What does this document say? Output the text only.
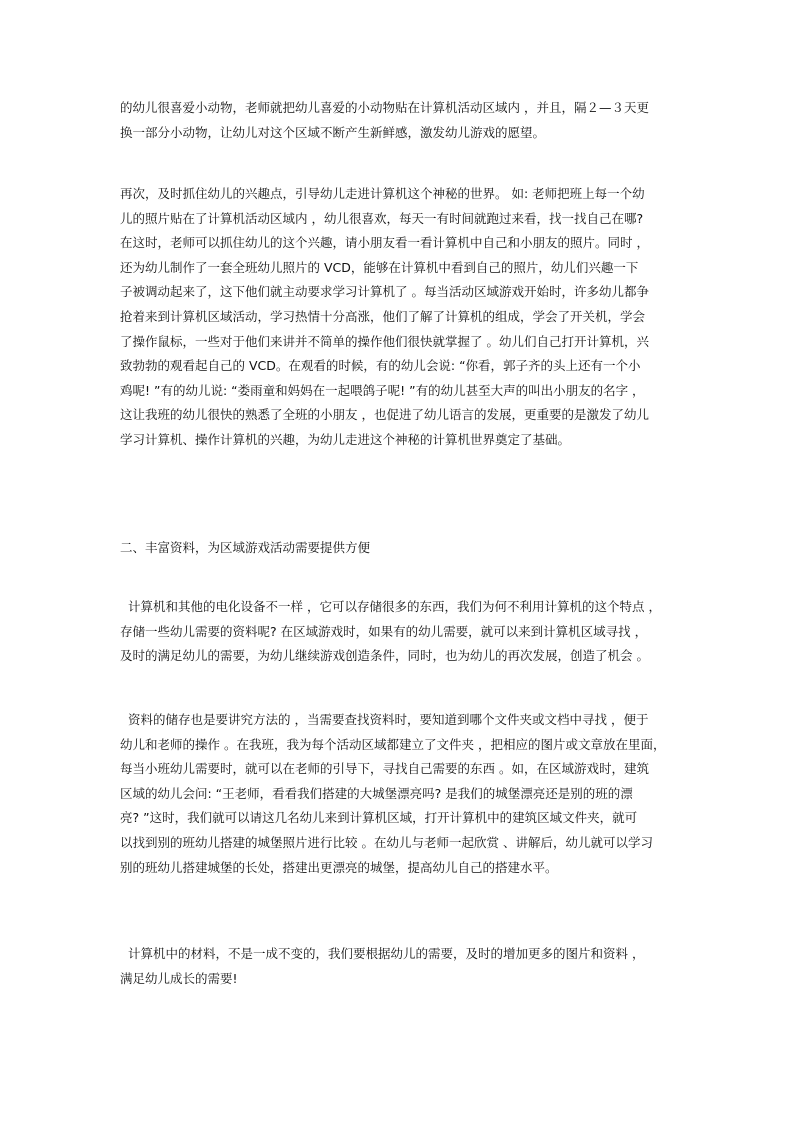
的幼儿很喜爱小动物，老师就把幼儿喜爱的小动物贴在计算机活动区域内 ，并且，隔２—３天更
换一部分小动物，让幼儿对这个区域不断产生新鲜感，激发幼儿游戏的愿望。
再次，及时抓住幼儿的兴趣点，引导幼儿走进计算机这个神秘的世界。 如: 老师把班上每一个幼
儿的照片贴在了计算机活动区域内 ，幼儿很喜欢，每天一有时间就跑过来看，找一找自己在哪?
在这时，老师可以抓住幼儿的这个兴趣，请小朋友看一看计算机中自己和小朋友的照片。同时 ，
还为幼儿制作了一套全班幼儿照片的 VCD，能够在计算机中看到自己的照片，幼儿们兴趣一下
子被调动起来了，这下他们就主动要求学习计算机了 。每当活动区域游戏开始时，许多幼儿都争
抢着来到计算机区域活动，学习热情十分高涨，他们了解了计算机的组成，学会了开关机，学会
了操作鼠标，一些对于他们来讲并不简单的操作他们很快就掌握了 。幼儿们自己打开计算机，兴
致勃勃的观看起自己的 VCD。在观看的时候，有的幼儿会说: “你看，郭子齐的头上还有一个小
鸡呢! ”有的幼儿说: “娄雨童和妈妈在一起喂鸽子呢! ”有的幼儿甚至大声的叫出小朋友的名字 ，
这让我班的幼儿很快的熟悉了全班的小朋友 ，也促进了幼儿语言的发展，更重要的是激发了幼儿
学习计算机、操作计算机的兴趣，为幼儿走进这个神秘的计算机世界奠定了基础。
二、丰富资料，为区域游戏活动需要提供方便
计算机和其他的电化设备不一样 ，它可以存储很多的东西，我们为何不利用计算机的这个特点 ，
存储一些幼儿需要的资料呢? 在区域游戏时，如果有的幼儿需要，就可以来到计算机区域寻找 ，
及时的满足幼儿的需要，为幼儿继续游戏创造条件，同时，也为幼儿的再次发展，创造了机会 。
资料的储存也是要讲究方法的 ，当需要查找资料时，要知道到哪个文件夹或文档中寻找 ，便于
幼儿和老师的操作 。在我班，我为每个活动区域都建立了文件夹 ，把相应的图片或文章放在里面，
每当小班幼儿需要时，就可以在老师的引导下，寻找自己需要的东西 。如，在区域游戏时，建筑
区域的幼儿会问: “王老师，看看我们搭建的大城堡漂亮吗? 是我们的城堡漂亮还是别的班的漂
亮? ”这时，我们就可以请这几名幼儿来到计算机区域，打开计算机中的建筑区域文件夹，就可
以找到别的班幼儿搭建的城堡照片进行比较 。在幼儿与老师一起欣赏 、讲解后，幼儿就可以学习
别的班幼儿搭建城堡的长处，搭建出更漂亮的城堡，提高幼儿自己的搭建水平。
计算机中的材料，不是一成不变的，我们要根据幼儿的需要，及时的增加更多的图片和资料 ，
满足幼儿成长的需要!
